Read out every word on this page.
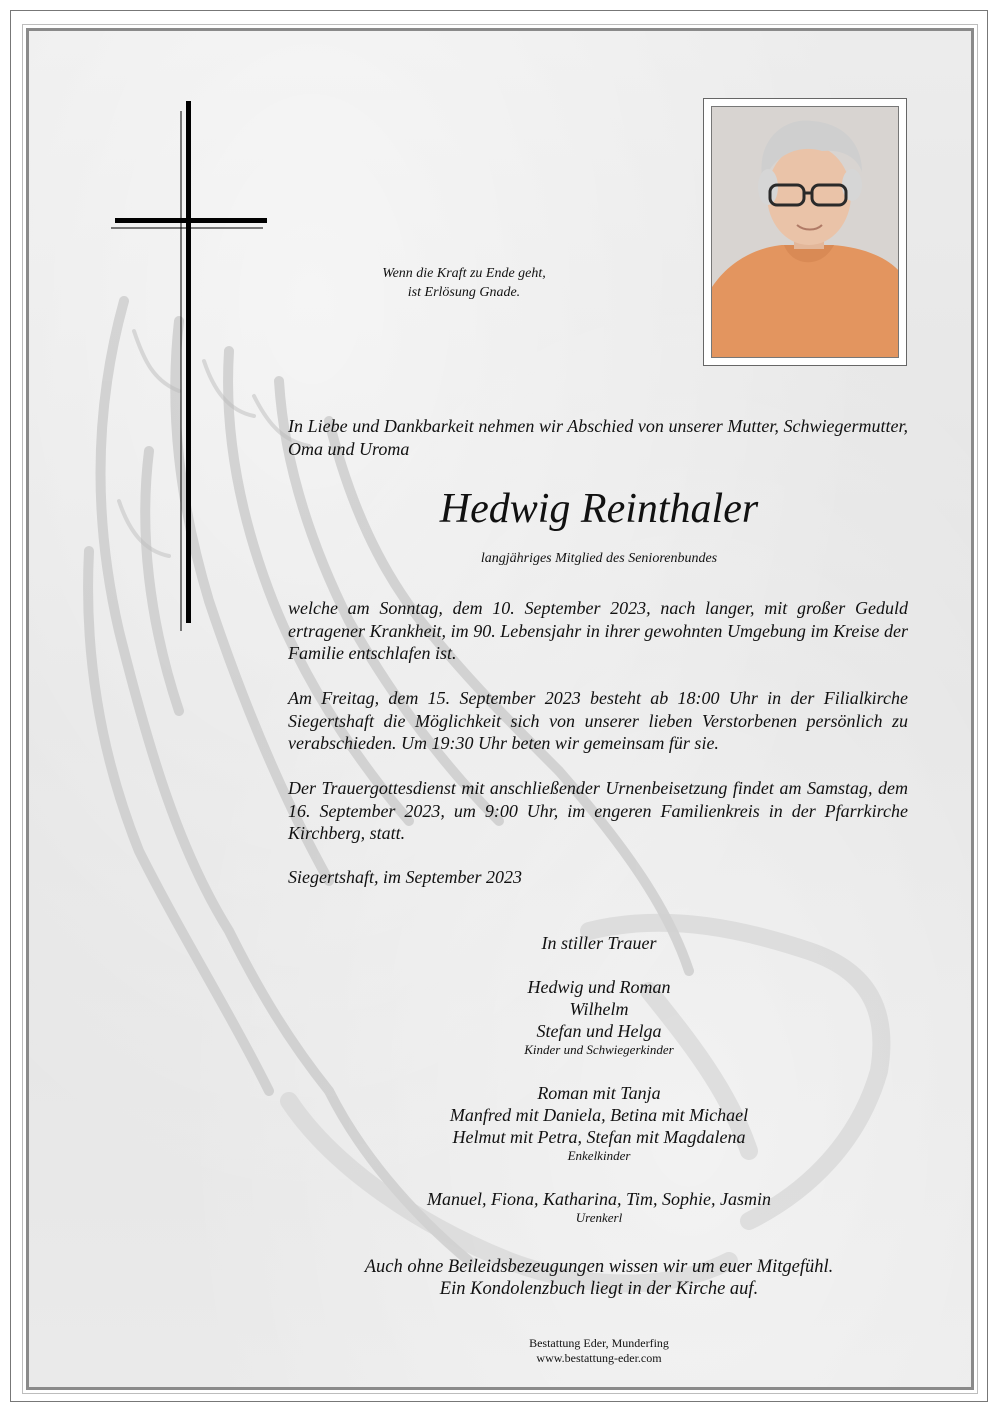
Wenn die Kraft zu Ende geht,
ist Erlösung Gnade.
In Liebe und Dankbarkeit nehmen wir Abschied von unserer Mutter, Schwiegermutter, Oma und Uroma
Hedwig Reinthaler
langjähriges Mitglied des Seniorenbundes
welche am Sonntag, dem 10. September 2023, nach langer, mit großer Geduld ertragener Krankheit, im 90. Lebensjahr in ihrer gewohnten Umgebung im Kreise der Familie entschlafen ist.
Am Freitag, dem 15. September 2023 besteht ab 18:00 Uhr in der Filialkirche Siegertshaft die Möglichkeit sich von unserer lieben Verstorbenen persönlich zu verabschieden. Um 19:30 Uhr beten wir gemeinsam für sie.
Der Trauergottesdienst mit anschließender Urnenbeisetzung findet am Samstag, dem 16. September 2023, um 9:00 Uhr, im engeren Familienkreis in der Pfarrkirche Kirchberg, statt.
Siegertshaft, im September 2023
In stiller Trauer
Hedwig und Roman
Wilhelm
Stefan und Helga
Kinder und Schwiegerkinder
Roman mit Tanja
Manfred mit Daniela, Betina mit Michael
Helmut mit Petra, Stefan mit Magdalena
Enkelkinder
Manuel, Fiona, Katharina, Tim, Sophie, Jasmin
Urenkerl
Auch ohne Beileidsbezeugungen wissen wir um euer Mitgefühl.
Ein Kondolenzbuch liegt in der Kirche auf.
Bestattung Eder, Munderfing
www.bestattung-eder.com
